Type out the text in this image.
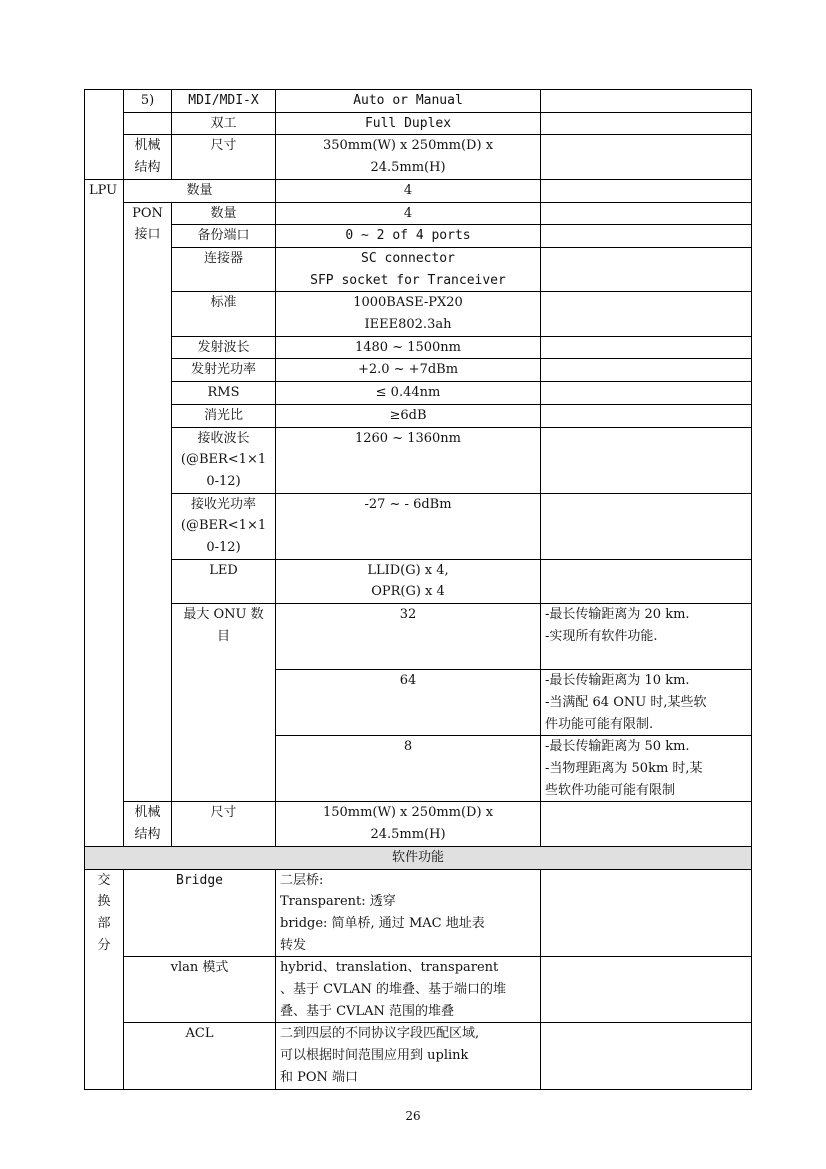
	5)	MDI/MDI-X	Auto or Manual	
		双工	Full Duplex	
	机械
结构	尺寸	350mm(W) x 250mm(D) x
24.5mm(H)	
LPU	数量		4	
	PON
接口	数量	4	
		备份端口	0 ~ 2 of 4 ports	
		连接器	SC connector
SFP socket for Tranceiver	
		标准	1000BASE-PX20
IEEE802.3ah	
		发射波长	1480 ~ 1500nm	
		发射光功率	+2.0 ~ +7dBm	
		RMS	≤ 0.44nm	
		消光比	≥6dB	
		接收波长
(@BER<1×1
0-12)	1260 ~ 1360nm	
		接收光功率
(@BER<1×1
0-12)	-27 ~ - 6dBm	
		LED	LLID(G) x 4,
OPR(G) x 4	
		最大 ONU 数
目	32	-最长传输距离为 20 km.
-实现所有软件功能.
			64	-最长传输距离为 10 km.
-当满配 64 ONU 时,某些软
件功能可能有限制.
			8	-最长传输距离为 50 km.
-当物理距离为 50km 时,某
些软件功能可能有限制
	机械
结构	尺寸	150mm(W) x 250mm(D) x
24.5mm(H)	
软件功能				
交
换
部
分	Bridge		二层桥:
Transparent: 透穿
bridge: 简单桥, 通过 MAC 地址表
转发	
	vlan 模式		hybrid、translation、transparent
、基于 CVLAN 的堆叠、基于端口的堆
叠、基于 CVLAN 范围的堆叠	
	ACL		二到四层的不同协议字段匹配区域,
可以根据时间范围应用到 uplink
和 PON 端口	
26
